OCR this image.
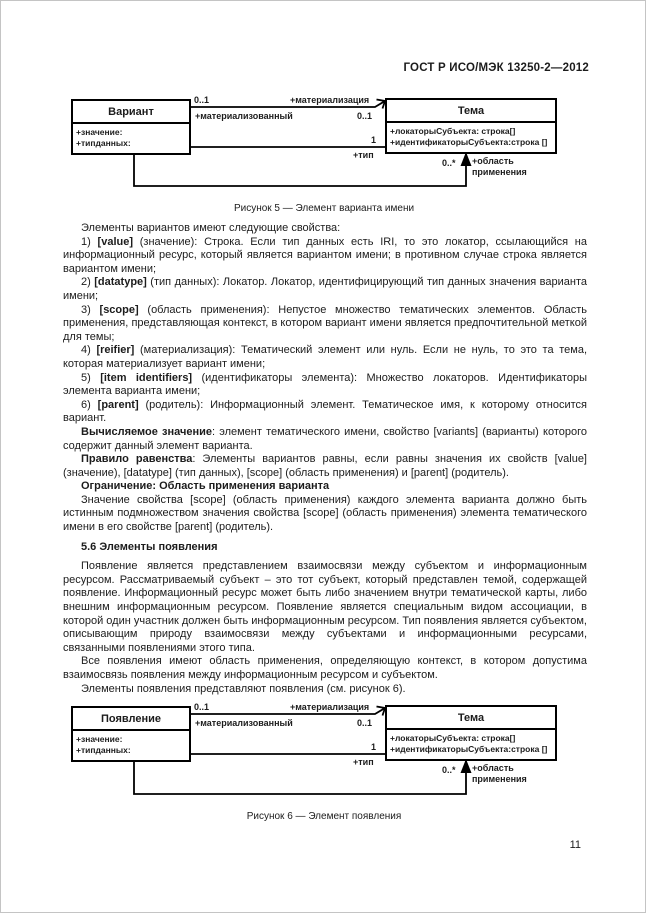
ГОСТ Р ИСО/МЭК 13250-2—2012
Вариант
+значение:
+типданных:
Тема
+локаторыСубъекта: строка[]
+идентификаторыСубъекта:строка []
0..1	+материализация
+материализованный	0..1
1
+тип
0..* +область применения
Рисунок 5 — Элемент варианта имени

Элементы вариантов имеют следующие свойства:

1) [value] (значение): Строка. Если тип данных есть IRI, то это локатор, ссылающийся на информационный ресурс, который является вариантом имени; в противном случае строка является вариантом имени;

2) [datatype] (тип данных): Локатор. Локатор, идентифицирующий тип данных значения варианта имени;

3) [scope] (область применения): Непустое множество тематических элементов. Область применения, представляющая контекст, в котором вариант имени является предпочтительной меткой для темы;

4) [reifier] (материализация): Тематический элемент или нуль. Если не нуль, то это та тема, которая материализует вариант имени;

5) [item identifiers] (идентификаторы элемента): Множество локаторов. Идентификаторы элемента варианта имени;

6) [parent] (родитель): Информационный элемент. Тематическое имя, к которому относится вариант.

Вычисляемое значение: элемент тематического имени, свойство [variants] (варианты) которого содержит данный элемент варианта.

Правило равенства: Элементы вариантов равны, если равны значения их свойств [value] (значение), [datatype] (тип данных), [scope] (область применения) и [parent] (родитель).

Ограничение: Область применения варианта

Значение свойства [scope] (область применения) каждого элемента варианта должно быть истинным подмножеством значения свойства [scope] (область применения) элемента тематического имени в его свойстве [parent] (родитель).

5.6 Элементы появления

Появление является представлением взаимосвязи между субъектом и информационным ресурсом. Рассматриваемый субъект – это тот субъект, который представлен темой, содержащей появление. Информационный ресурс может быть либо значением внутри тематической карты, либо внешним информационным ресурсом. Появление является специальным видом ассоциации, в которой один участник должен быть информационным ресурсом. Тип появления является субъектом, описывающим природу взаимосвязи между субъектами и информационными ресурсами, связанными появлениями этого типа.

Все появления имеют область применения, определяющую контекст, в котором допустима взаимосвязь появления между информационным ресурсом и субъектом.

Элементы появления представляют появления (см. рисунок 6).

Появление
+значение:
+типданных:
Тема
+локаторыСубъекта: строка[]
+идентификаторыСубъекта:строка []
0..1	+материализация
+материализованный	0..1
1
+тип
0..* +область применения
Рисунок 6 — Элемент появления
11
